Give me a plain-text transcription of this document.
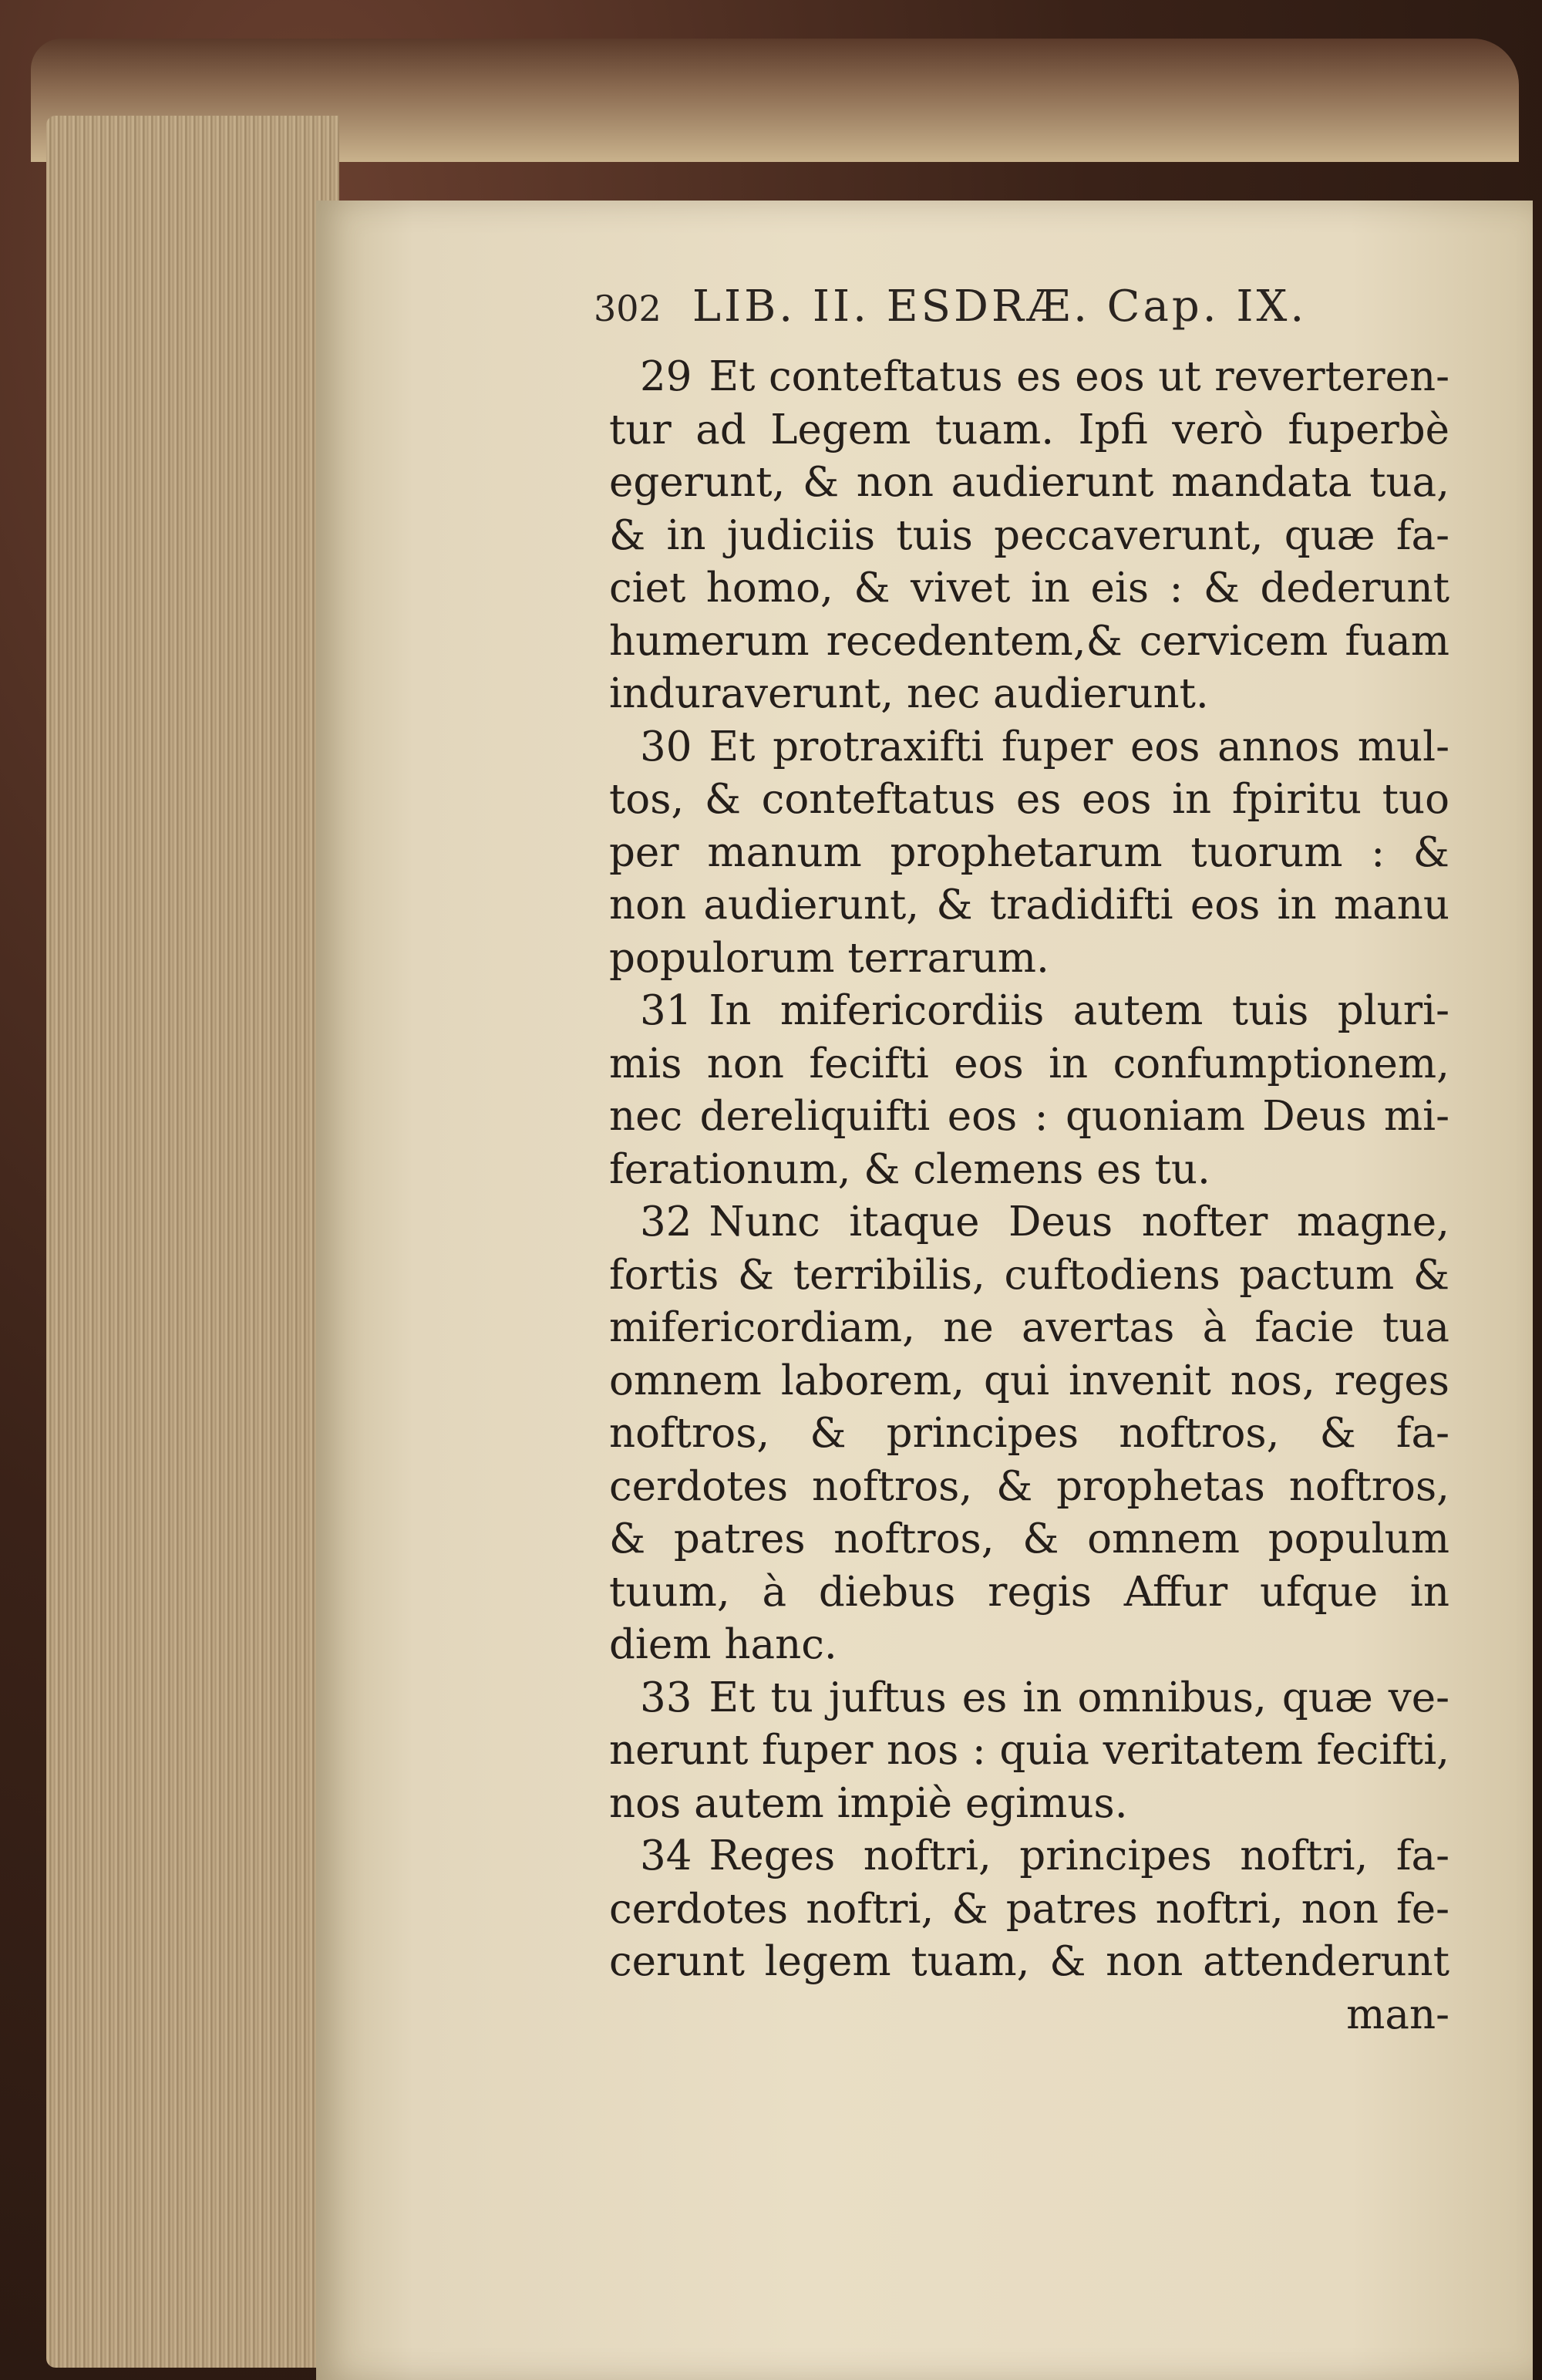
302 LIB. II. ESDRÆ. Cap. IX.
29 Et conteftatus es eos ut reverteren-
tur ad Legem tuam. Ipfi verò fuperbè
egerunt, & non audierunt mandata tua,
& in judiciis tuis peccaverunt, quæ fa-
ciet homo, & vivet in eis : & dederunt
humerum recedentem,& cervicem fuam
induraverunt, nec audierunt.
30 Et protraxifti fuper eos annos mul-
tos, & conteftatus es eos in fpiritu tuo
per manum prophetarum tuorum : &
non audierunt, & tradidifti eos in manu
populorum terrarum.
31 In mifericordiis autem tuis pluri-
mis non fecifti eos in confumptionem,
nec dereliquifti eos : quoniam Deus mi-
ferationum, & clemens es tu.
32 Nunc itaque Deus nofter magne,
fortis & terribilis, cuftodiens pactum &
mifericordiam, ne avertas à facie tua
omnem laborem, qui invenit nos, reges
noftros, & principes noftros, & fa-
cerdotes noftros, & prophetas noftros,
& patres noftros, & omnem populum
tuum, à diebus regis Affur ufque in
diem hanc.
33 Et tu juftus es in omnibus, quæ ve-
nerunt fuper nos : quia veritatem fecifti,
nos autem impiè egimus.
34 Reges noftri, principes noftri, fa-
cerdotes noftri, & patres noftri, non fe-
cerunt legem tuam, & non attenderunt
man-
